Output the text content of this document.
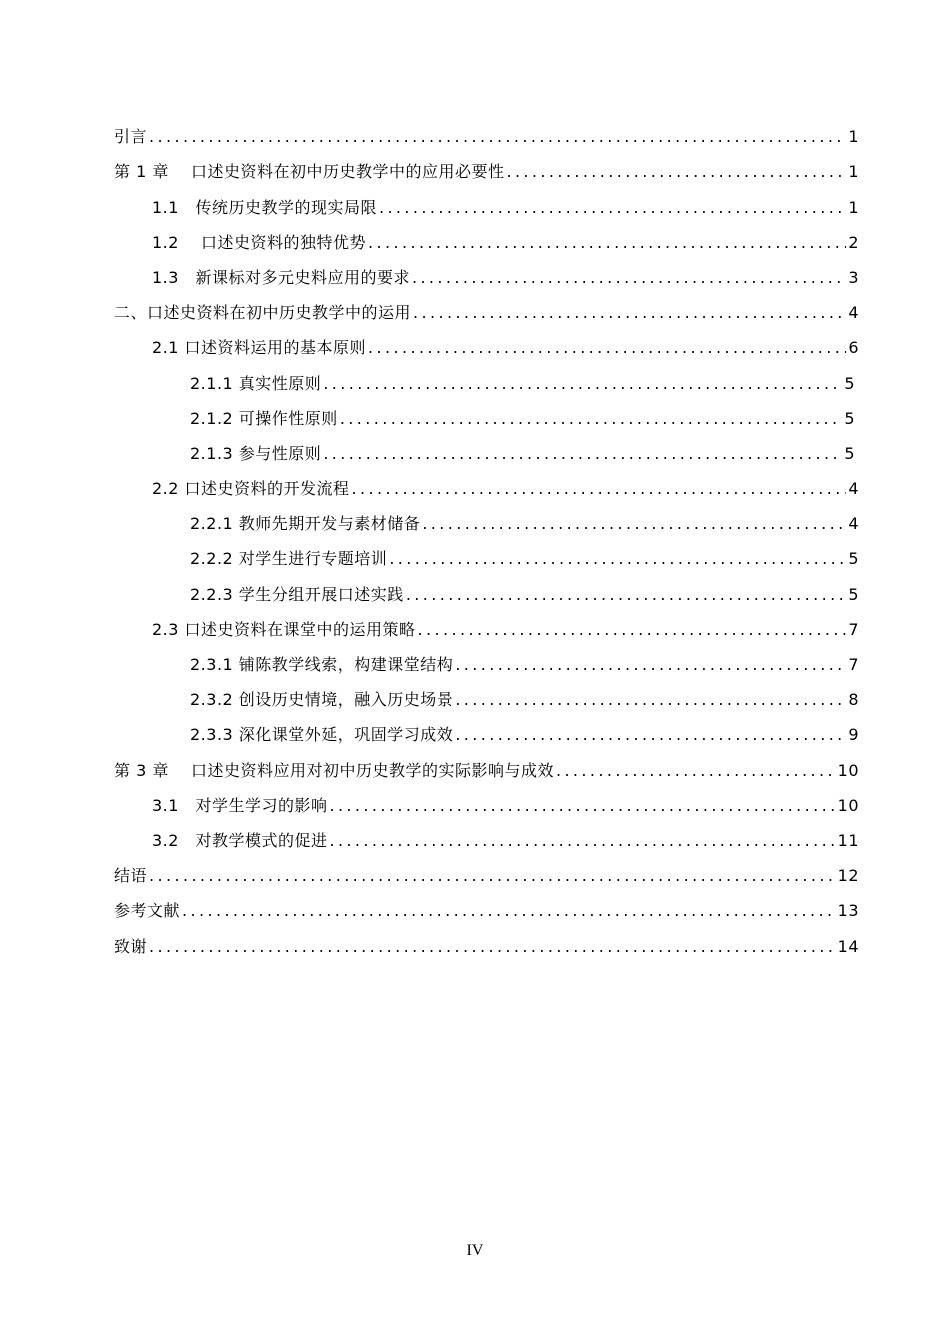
引言 .....	1
第 1 章　 口述史资料在初中历史教学中的应用必要性 .....	1
1.1　传统历史教学的现实局限 .....	1
1.2　 口述史资料的独特优势 .....	2
1.3　新课标对多元史料应用的要求 .....	3
二、口述史资料在初中历史教学中的运用 .....	4
2.1 口述资料运用的基本原则 .....	6
2.1.1 真实性原则 .....	5
2.1.2 可操作性原则 .....	5
2.1.3 参与性原则 .....	5
2.2 口述史资料的开发流程 .....	4
2.2.1 教师先期开发与素材储备 .....	4
2.2.2 对学生进行专题培训 .....	5
2.2.3 学生分组开展口述实践 .....	5
2.3 口述史资料在课堂中的运用策略 .....	7
2.3.1 铺陈教学线索，构建课堂结构 .....	7
2.3.2 创设历史情境，融入历史场景 .....	8
2.3.3 深化课堂外延，巩固学习成效 .....	9
第 3 章　 口述史资料应用对初中历史教学的实际影响与成效 .....	10
3.1　对学生学习的影响 .....	10
3.2　对教学模式的促进 .....	11
结语 .....	12
参考文献 .....	13
致谢 .....	14
IV
